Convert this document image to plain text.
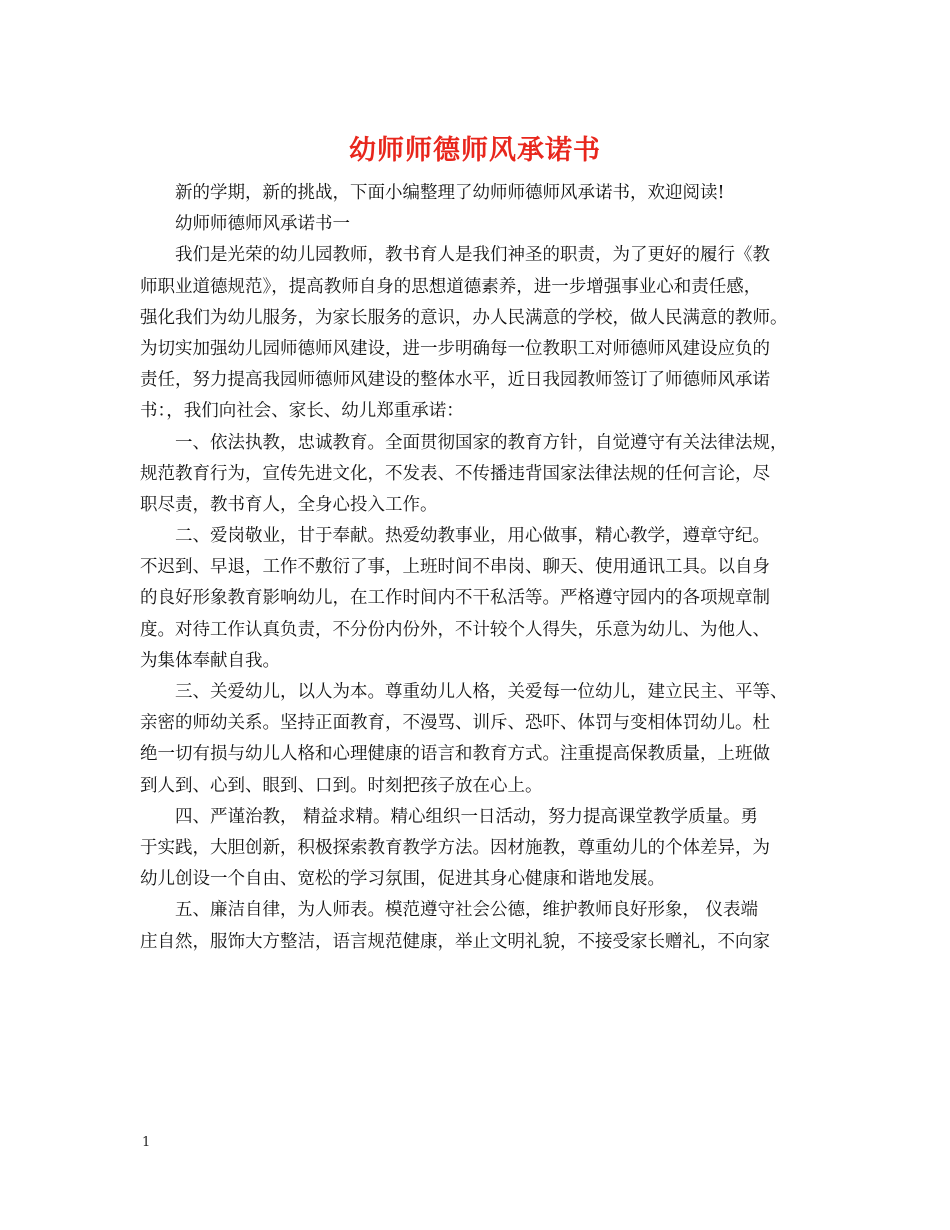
幼师师德师风承诺书
新的学期，新的挑战，下面小编整理了幼师师德师风承诺书，欢迎阅读!
幼师师德师风承诺书一
我们是光荣的幼儿园教师，教书育人是我们神圣的职责，为了更好的履行《教
师职业道德规范》，提高教师自身的思想道德素养，进一步增强事业心和责任感，
强化我们为幼儿服务，为家长服务的意识，办人民满意的学校，做人民满意的教师。
为切实加强幼儿园师德师风建设，进一步明确每一位教职工对师德师风建设应负的
责任，努力提高我园师德师风建设的整体水平，近日我园教师签订了师德师风承诺
书：，我们向社会、家长、幼儿郑重承诺：
一、依法执教，忠诚教育。全面贯彻国家的教育方针，自觉遵守有关法律法规，
规范教育行为，宣传先进文化，不发表、不传播违背国家法律法规的任何言论，尽
职尽责，教书育人，全身心投入工作。
二、爱岗敬业，甘于奉献。热爱幼教事业，用心做事，精心教学，遵章守纪。
不迟到、早退，工作不敷衍了事，上班时间不串岗、聊天、使用通讯工具。以自身
的良好形象教育影响幼儿，在工作时间内不干私活等。严格遵守园内的各项规章制
度。对待工作认真负责，不分份内份外，不计较个人得失，乐意为幼儿、为他人、
为集体奉献自我。
三、关爱幼儿，以人为本。尊重幼儿人格，关爱每一位幼儿，建立民主、平等、
亲密的师幼关系。坚持正面教育，不漫骂、训斥、恐吓、体罚与变相体罚幼儿。杜
绝一切有损与幼儿人格和心理健康的语言和教育方式。注重提高保教质量，上班做
到人到、心到、眼到、口到。时刻把孩子放在心上。
四、严谨治教， 精益求精。精心组织一日活动，努力提高课堂教学质量。勇
于实践，大胆创新，积极探索教育教学方法。因材施教，尊重幼儿的个体差异，为
幼儿创设一个自由、宽松的学习氛围，促进其身心健康和谐地发展。
五、廉洁自律，为人师表。模范遵守社会公德，维护教师良好形象， 仪表端
庄自然，服饰大方整洁，语言规范健康，举止文明礼貌，不接受家长赠礼，不向家
1
